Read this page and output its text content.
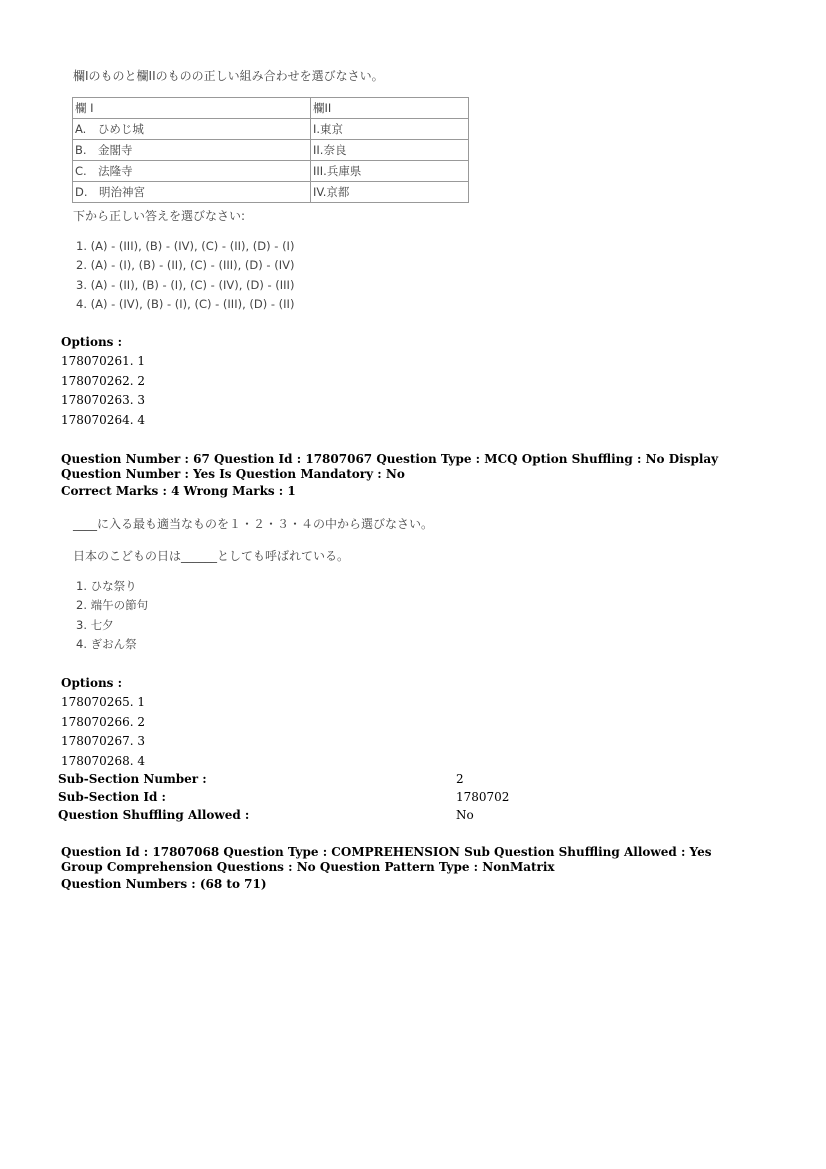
欄Iのものと欄IIのものの正しい組み合わせを選びなさい。
欄 I	欄II
A.　ひめじ城	I.東京
B.　金閣寺	II.奈良
C.　法隆寺	III.兵庫県
D.　明治神宮	IV.京都
下から正しい答えを選びなさい:
1. (A) - (III), (B) - (IV), (C) - (II), (D) - (I)
2. (A) - (I), (B) - (II), (C) - (III), (D) - (IV)
3. (A) - (II), (B) - (I), (C) - (IV), (D) - (III)
4. (A) - (IV), (B) - (I), (C) - (III), (D) - (II)
Options :
178070261. 1
178070262. 2
178070263. 3
178070264. 4
Question Number : 67 Question Id : 17807067 Question Type : MCQ Option Shuffling : No Display Question Number : Yes Is Question Mandatory : No
Correct Marks : 4 Wrong Marks : 1
____に入る最も適当なものを１・２・３・４の中から選びなさい。
日本のこどもの日は______としても呼ばれている。
1. ひな祭り
2. 端午の節句
3. 七夕
4. ぎおん祭
Options :
178070265. 1
178070266. 2
178070267. 3
178070268. 4
Sub-Section Number :	2
Sub-Section Id :	1780702
Question Shuffling Allowed :	No
Question Id : 17807068 Question Type : COMPREHENSION Sub Question Shuffling Allowed : Yes Group Comprehension Questions : No Question Pattern Type : NonMatrix
Question Numbers : (68 to 71)
